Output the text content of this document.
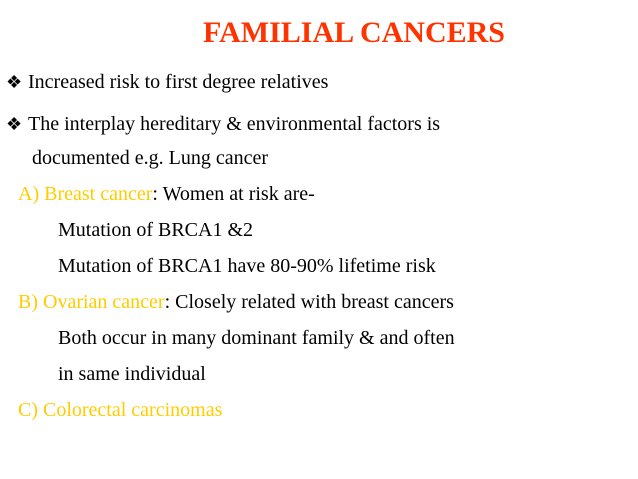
FAMILIAL CANCERS
❖ Increased risk to first degree relatives
❖ The interplay hereditary & environmental factors is
documented e.g. Lung cancer
A) Breast cancer: Women at risk are-
Mutation of BRCA1 &2
Mutation of BRCA1 have 80-90% lifetime risk
B) Ovarian cancer: Closely related with breast cancers
Both occur in many dominant family & and often
in same individual
C) Colorectal carcinomas
